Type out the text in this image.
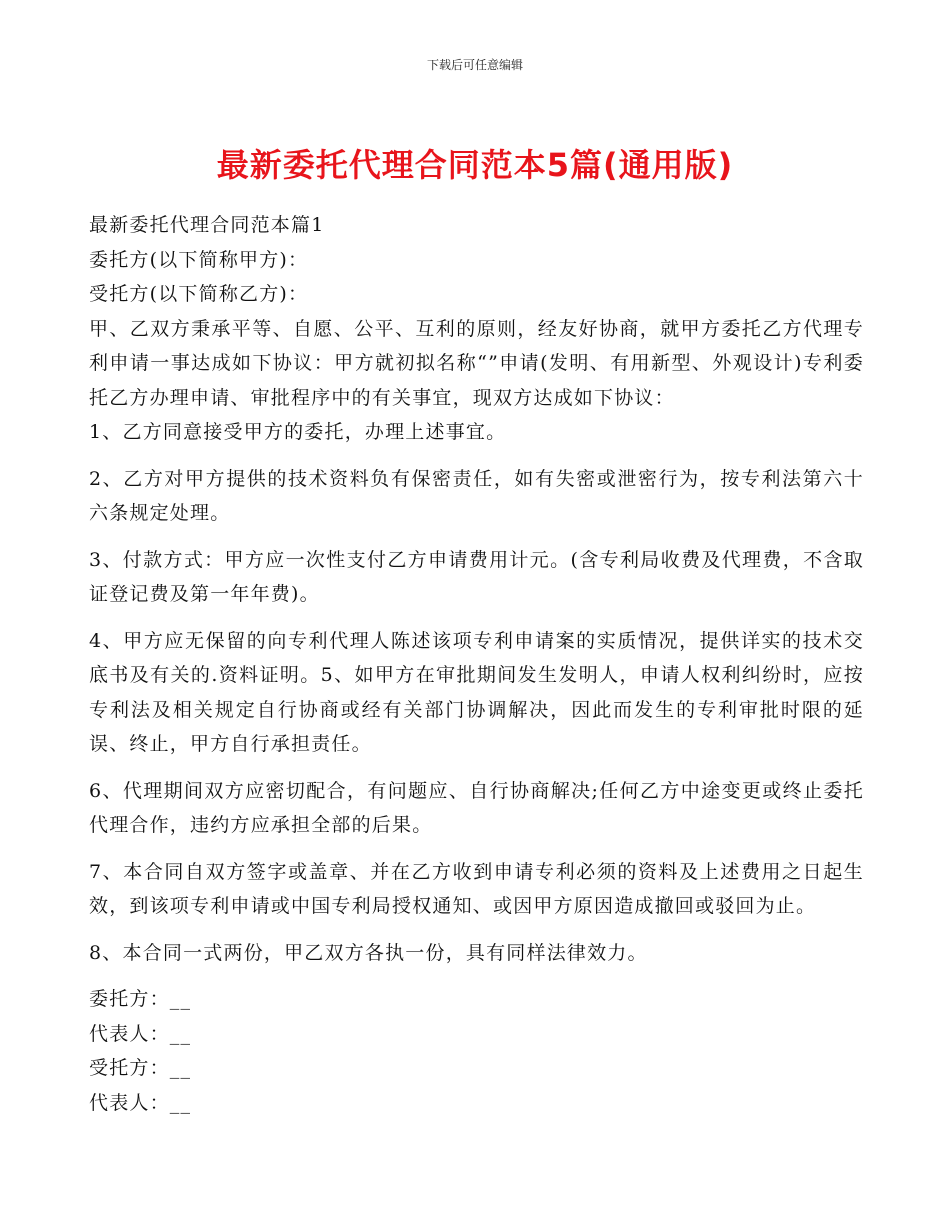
下载后可任意编辑
最新委托代理合同范本5篇(通用版)

最新委托代理合同范本篇1

委托方(以下简称甲方)：

受托方(以下简称乙方)：

甲、乙双方秉承平等、自愿、公平、互利的原则，经友好协商，就甲方委托乙方代理专利申请一事达成如下协议：甲方就初拟名称“”申请(发明、有用新型、外观设计)专利委托乙方办理申请、审批程序中的有关事宜，现双方达成如下协议：

1、乙方同意接受甲方的委托，办理上述事宜。

2、乙方对甲方提供的技术资料负有保密责任，如有失密或泄密行为，按专利法第六十六条规定处理。

3、付款方式：甲方应一次性支付乙方申请费用计元。(含专利局收费及代理费，不含取证登记费及第一年年费)。

4、甲方应无保留的向专利代理人陈述该项专利申请案的实质情况，提供详实的技术交底书及有关的.资料证明。5、如甲方在审批期间发生发明人，申请人权利纠纷时，应按专利法及相关规定自行协商或经有关部门协调解决，因此而发生的专利审批时限的延误、终止，甲方自行承担责任。

6、代理期间双方应密切配合，有问题应、自行协商解决;任何乙方中途变更或终止委托代理合作，违约方应承担全部的后果。

7、本合同自双方签字或盖章、并在乙方收到申请专利必须的资料及上述费用之日起生效，到该项专利申请或中国专利局授权通知、或因甲方原因造成撤回或驳回为止。

8、本合同一式两份，甲乙双方各执一份，具有同样法律效力。

委托方：__

代表人：__

受托方：__

代表人：__
